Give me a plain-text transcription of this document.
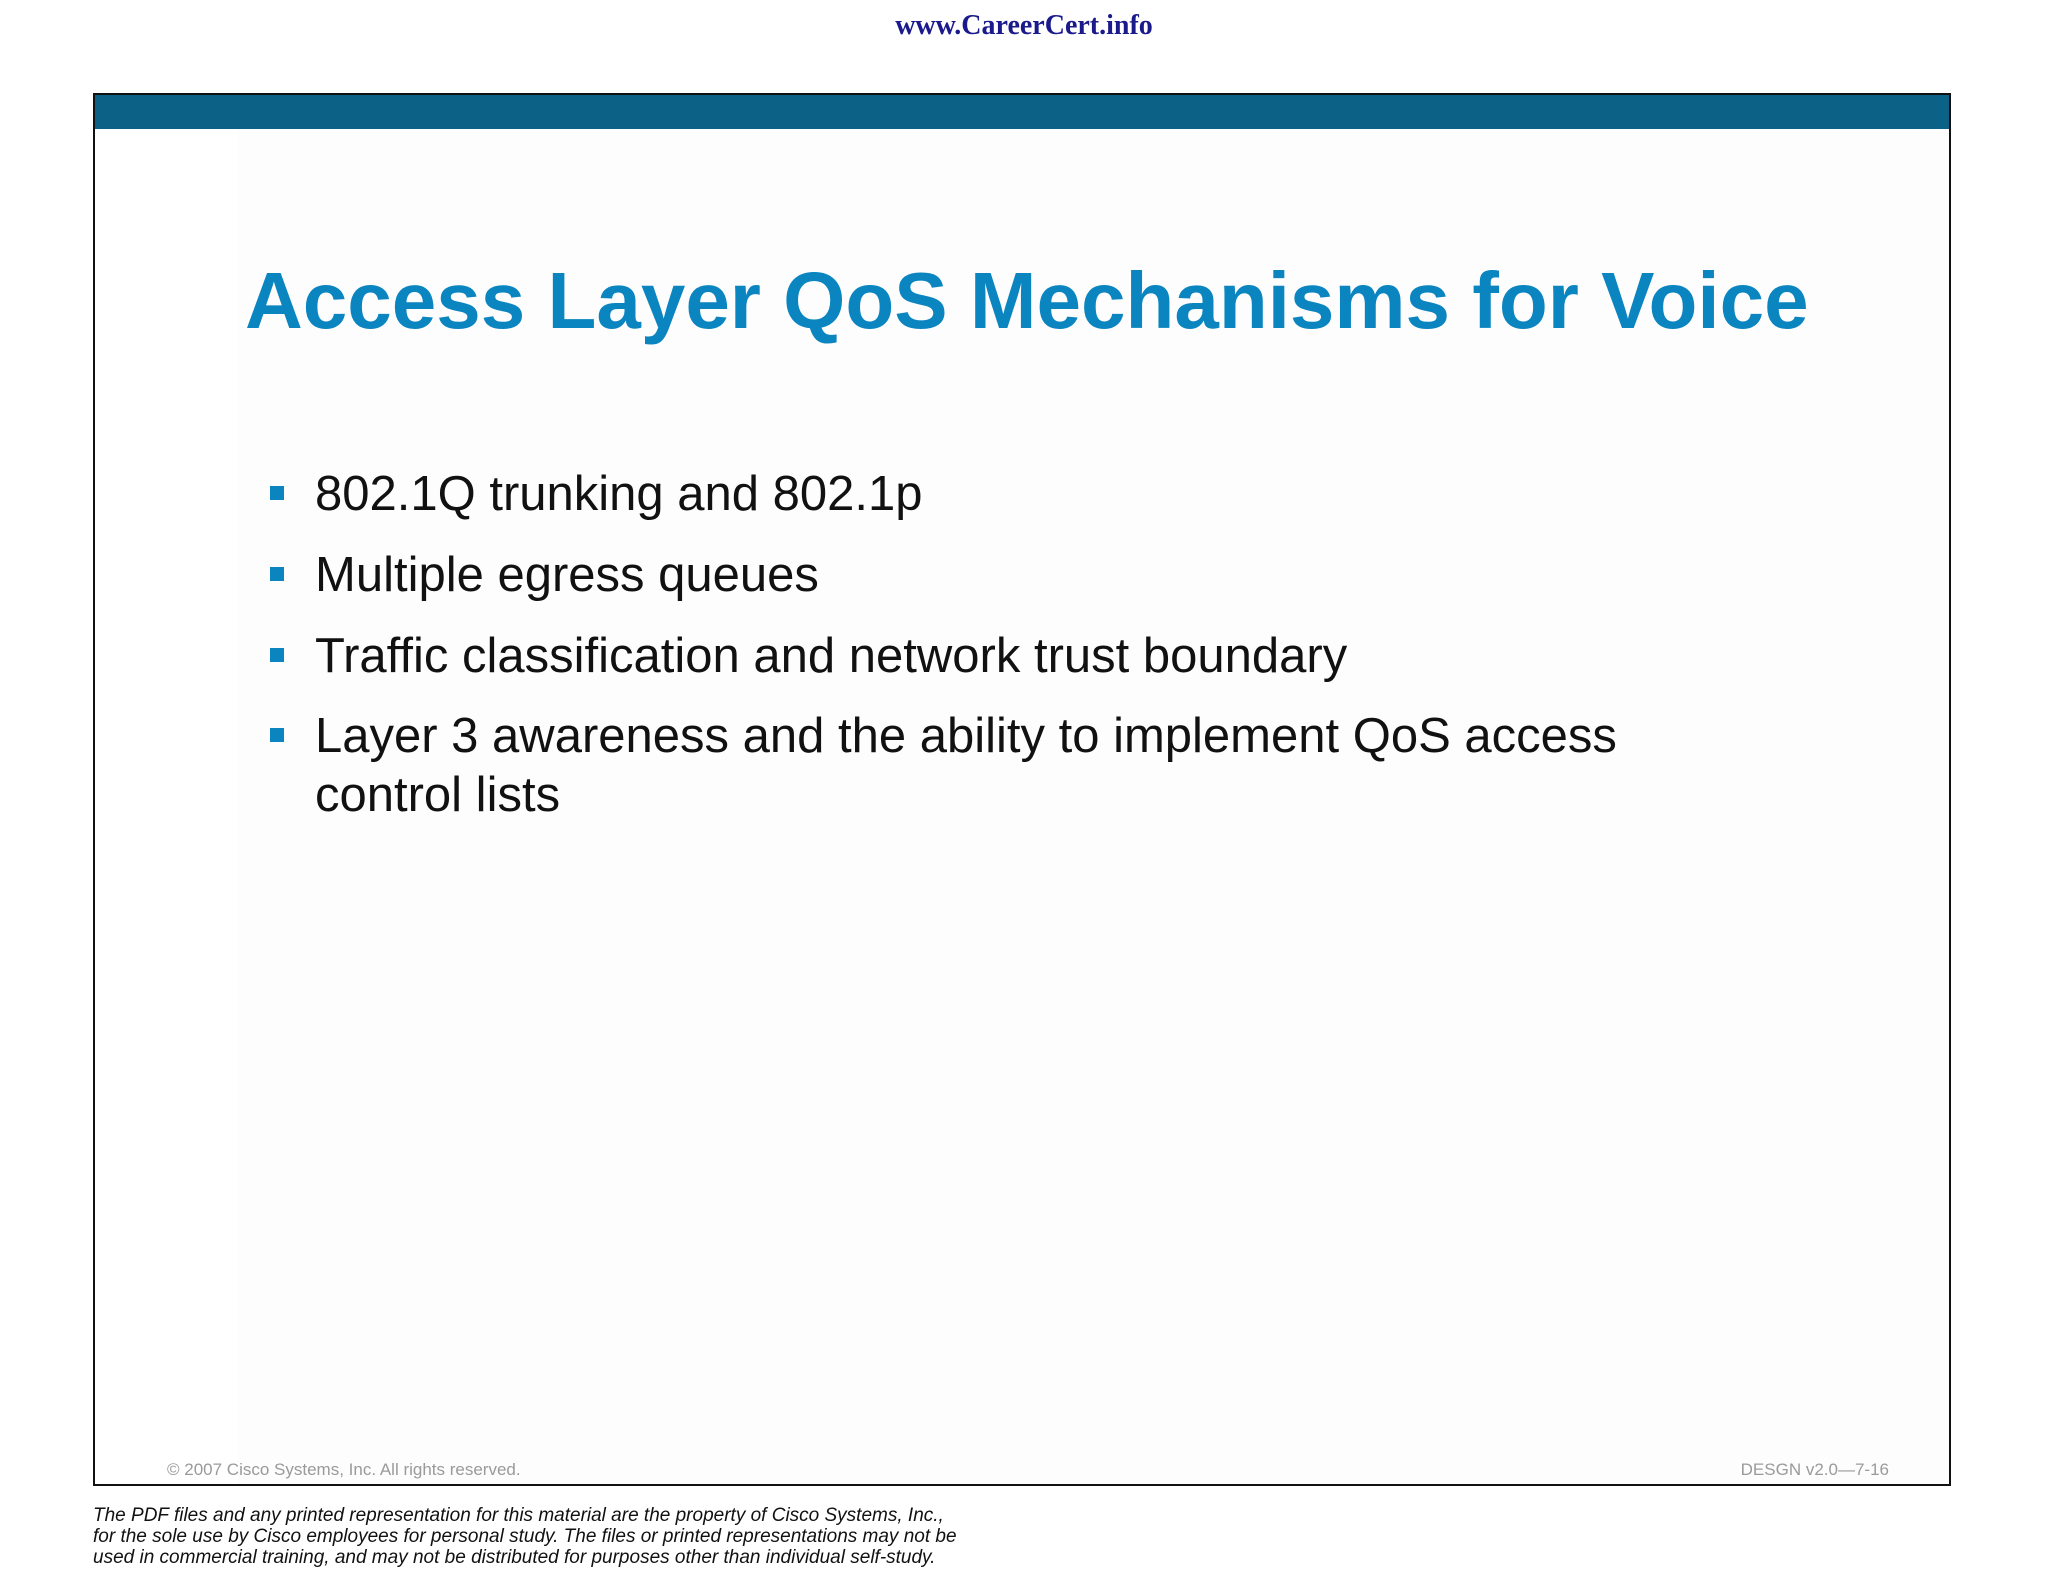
www.CareerCert.info
Access Layer QoS Mechanisms for Voice
802.1Q trunking and 802.1p
Multiple egress queues
Traffic classification and network trust boundary
Layer 3 awareness and the ability to implement QoS access control lists
© 2007 Cisco Systems, Inc. All rights reserved.	DESGN v2.0—7-16
The PDF files and any printed representation for this material are the property of Cisco Systems, Inc.,
for the sole use by Cisco employees for personal study. The files or printed representations may not be
used in commercial training, and may not be distributed for purposes other than individual self-study.
